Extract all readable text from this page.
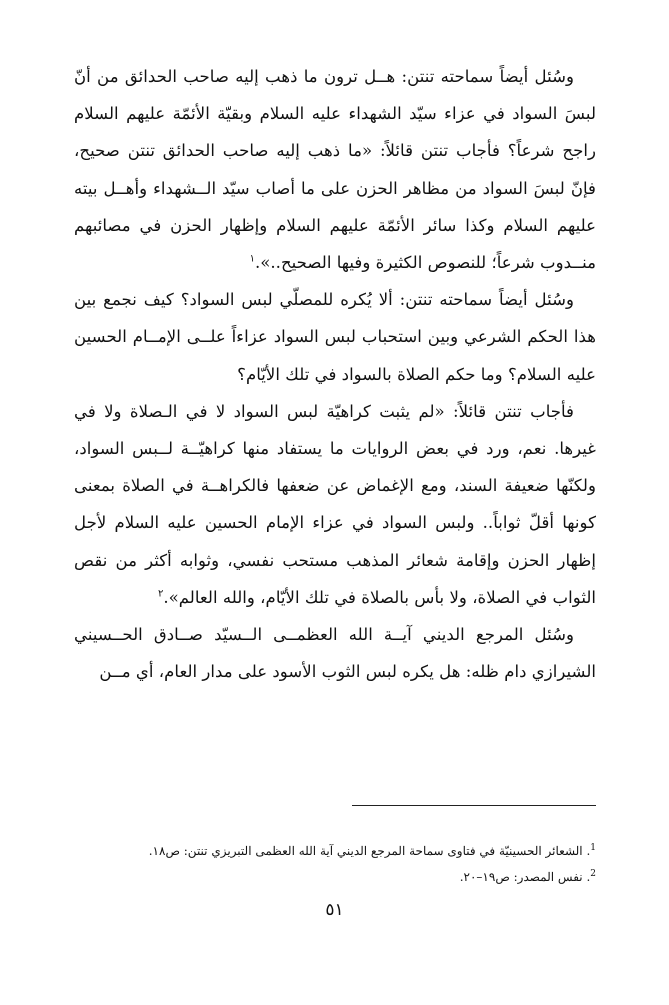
وسُئل أيضاً سماحته تنتن: هــل ترون ما ذهب إليه صاحب الحدائق من أنّ لبسَ السواد في عزاء سيّد الشهداء عليه السلام وبقيّة الأئمّة عليهم السلام راجح شرعاً؟ فأجاب تنتن قائلاً: «ما ذهب إليه صاحب الحدائق تنتن صحيح، فإنّ لبسَ السواد من مظاهر الحزن على ما أصاب سيّد الــشهداء وأهــل بيته عليهم السلام وكذا سائر الأئمّة عليهم السلام وإظهار الحزن في مصائبهم منــدوب شرعاً؛ للنصوص الكثيرة وفيها الصحيح..».$^١$

وسُئل أيضاً سماحته تنتن: ألا يُكره للمصلّي لبس السواد؟ كيف نجمع بين هذا الحكم الشرعي وبين استحباب لبس السواد عزاءاً علــى الإمــام الحسين عليه السلام؟ وما حكم الصلاة بالسواد في تلك الأيّام؟

فأجاب تنتن قائلاً: «لم يثبت كراهيّة لبس السواد لا في الـصلاة ولا في غيرها. نعم، ورد في بعض الروايات ما يستفاد منها كراهيّــة لــبس السواد، ولكنّها ضعيفة السند، ومع الإغماض عن ضعفها فالكراهــة في الصلاة بمعنى كونها أقلّ ثواباً.. ولبس السواد في عزاء الإمام الحسين عليه السلام لأجل إظهار الحزن وإقامة شعائر المذهب مستحب نفسي، وثوابه أكثر من نقص الثواب في الصلاة، ولا بأس بالصلاة في تلك الأيّام، والله العالم».$^٢$

وسُئل المرجع الديني آيــة الله العظمــى الــسيّد صــادق الحــسيني الشيرازي دام ظله: هل يكره لبس الثوب الأسود على مدار العام، أي مــن

$^1$. الشعائر الحسينيّة في فتاوى سماحة المرجع الديني آية الله العظمى التبريزي تنتن: ص١٨.

$^2$. نفس المصدر: ص١٩–٢٠.

٥١
